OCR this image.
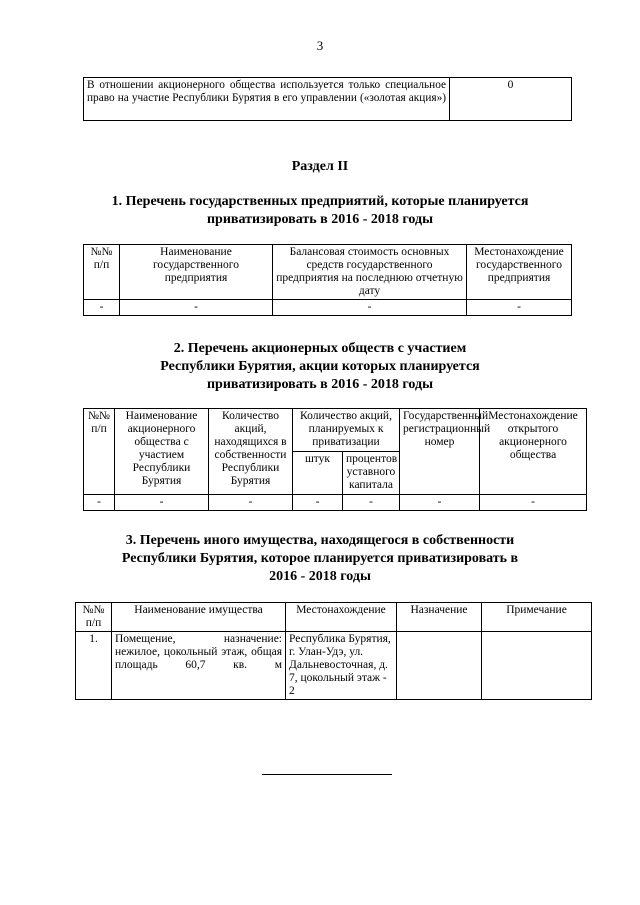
3
В отношении акционерного общества используется только специальное право на участие Республики Бурятия в его управлении («золотая акция»)	0
Раздел II
1. Перечень государственных предприятий, которые планируется приватизировать в 2016 - 2018 годы
№№ п/п	Наименование государственного предприятия	Балансовая стоимость основных средств государственного предприятия на последнюю отчетную дату	Местонахождение государственного предприятия
-	-	-	-
2. Перечень акционерных обществ с участием Республики Бурятия, акции которых планируется приватизировать в 2016 - 2018 годы
№№ п/п	Наименование акционерного общества с участием Республики Бурятия	Количество акций, находящихся в собственности Республики Бурятия	Количество акций, планируемых к приватизации		Государственный регистрационный номер	Местонахождение открытого акционерного общества
			штук	процентов уставного капитала		
-	-	-	-	-	-	-
3. Перечень иного имущества, находящегося в собственности Республики Бурятия, которое планируется приватизировать в 2016 - 2018 годы
№№ п/п	Наименование имущества	Местонахождение	Назначение	Примечание
1.	Помещение, назначение: нежилое, цокольный этаж, общая площадь 60,7 кв. м	Республика Бурятия, г. Улан-Удэ, ул. Дальневосточная, д. 7, цокольный этаж - 2		
